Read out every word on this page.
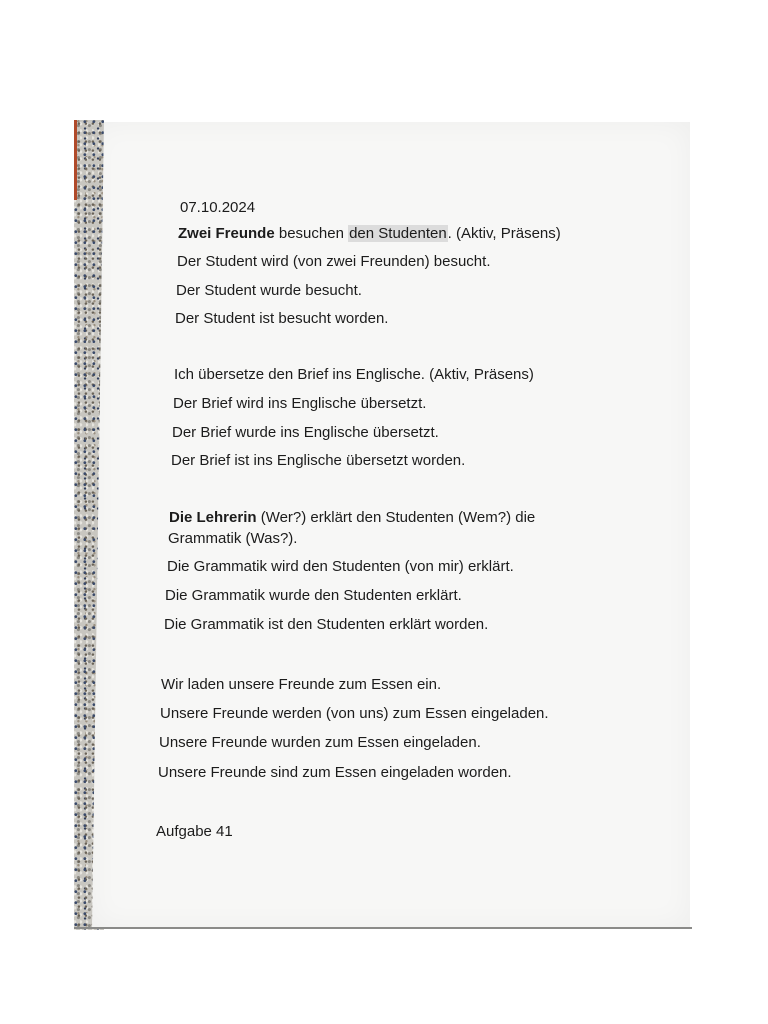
07.10.2024

Zwei Freunde besuchen den Studenten. (Aktiv, Präsens)

Der Student wird (von zwei Freunden) besucht.

Der Student wurde besucht.

Der Student ist besucht worden.

Ich übersetze den Brief ins Englische. (Aktiv, Präsens)

Der Brief wird ins Englische übersetzt.

Der Brief wurde ins Englische übersetzt.

Der Brief ist ins Englische übersetzt worden.

Die Lehrerin (Wer?) erklärt den Studenten (Wem?) die

Grammatik (Was?).

Die Grammatik wird den Studenten (von mir) erklärt.

Die Grammatik wurde den Studenten erklärt.

Die Grammatik ist den Studenten erklärt worden.

Wir laden unsere Freunde zum Essen ein.

Unsere Freunde werden (von uns) zum Essen eingeladen.

Unsere Freunde wurden zum Essen eingeladen.

Unsere Freunde sind zum Essen eingeladen worden.

Aufgabe 41
